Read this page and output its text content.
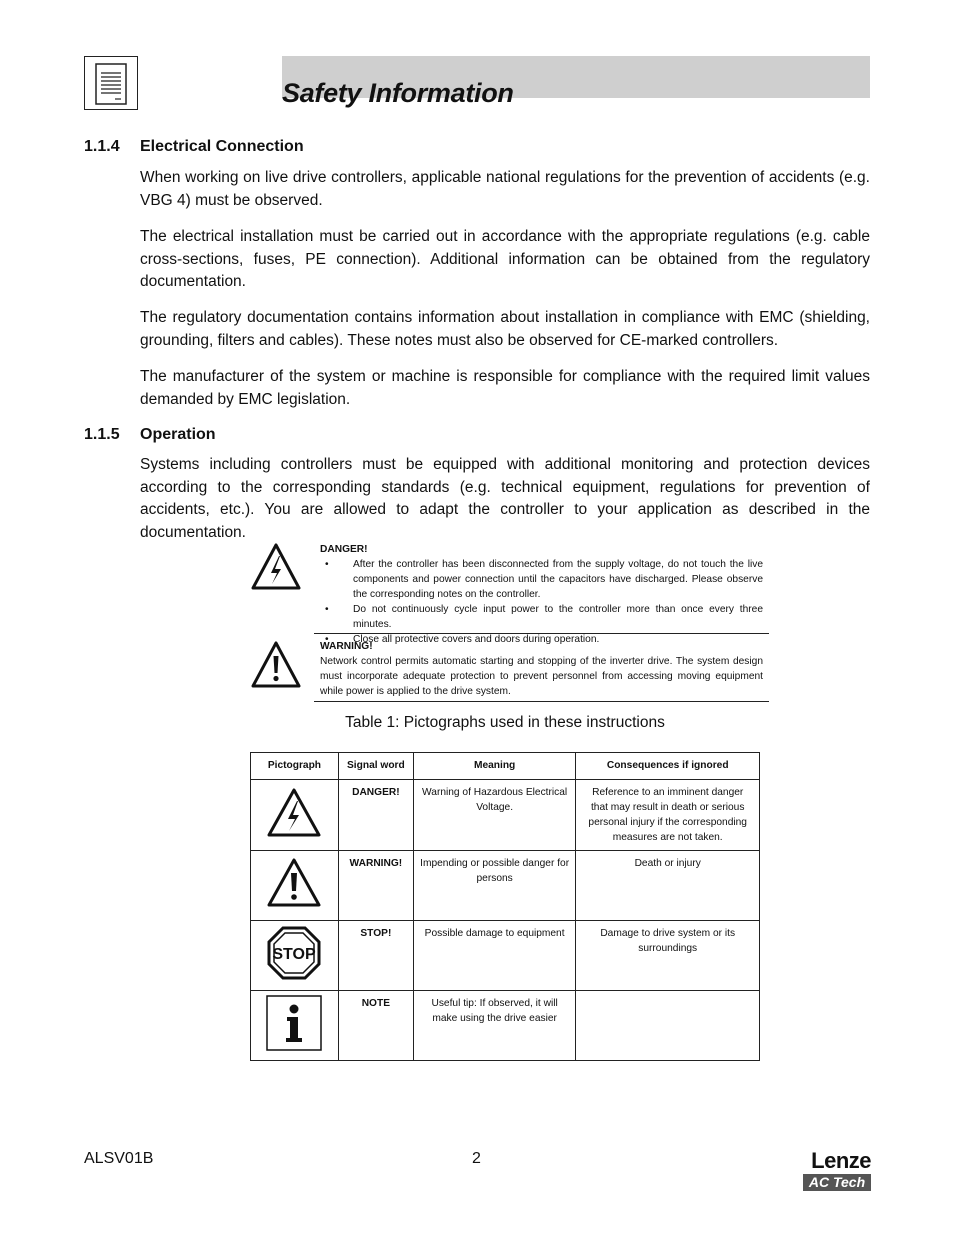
Safety Information
1.1.4 Electrical Connection

When working on live drive controllers, applicable national regulations for the prevention of accidents (e.g. VBG 4) must be observed.

The electrical installation must be carried out in accordance with the appropriate regulations (e.g. cable cross-sections, fuses, PE connection). Additional information can be obtained from the regulatory documentation.

The regulatory documentation contains information about installation in compliance with EMC (shielding, grounding, filters and cables). These notes must also be observed for CE-marked controllers.

The manufacturer of the system or machine is responsible for compliance with the required limit values demanded by EMC legislation.

1.1.5 Operation

Systems including controllers must be equipped with additional monitoring and protection devices according to the corresponding standards (e.g. technical equipment, regulations for prevention of accidents, etc.). You are allowed to adapt the controller to your application as described in the documentation.

DANGER!
• After the controller has been disconnected from the supply voltage, do not touch the live components and power connection until the capacitors have discharged. Please observe the corresponding notes on the controller.
• Do not continuously cycle input power to the controller more than once every three minutes.
• Close all protective covers and doors during operation.
WARNING!
Network control permits automatic starting and stopping of the inverter drive. The system design must incorporate adequate protection to prevent personnel from accessing moving equipment while power is applied to the drive system.

Table 1: Pictographs used in these instructions

Pictograph	Signal word	Meaning	Consequences if ignored
	DANGER!	Warning of Hazardous Electrical Voltage.	Reference to an imminent danger that may result in death or serious personal injury if the corresponding measures are not taken.
	WARNING!	Impending or possible danger for persons	Death or injury

STOP	STOP!	Possible damage to equipment	Damage to drive system or its surroundings
	NOTE	Useful tip: If observed, it will make using the drive easier	
ALSV01B	2	Lenze
AC Tech
